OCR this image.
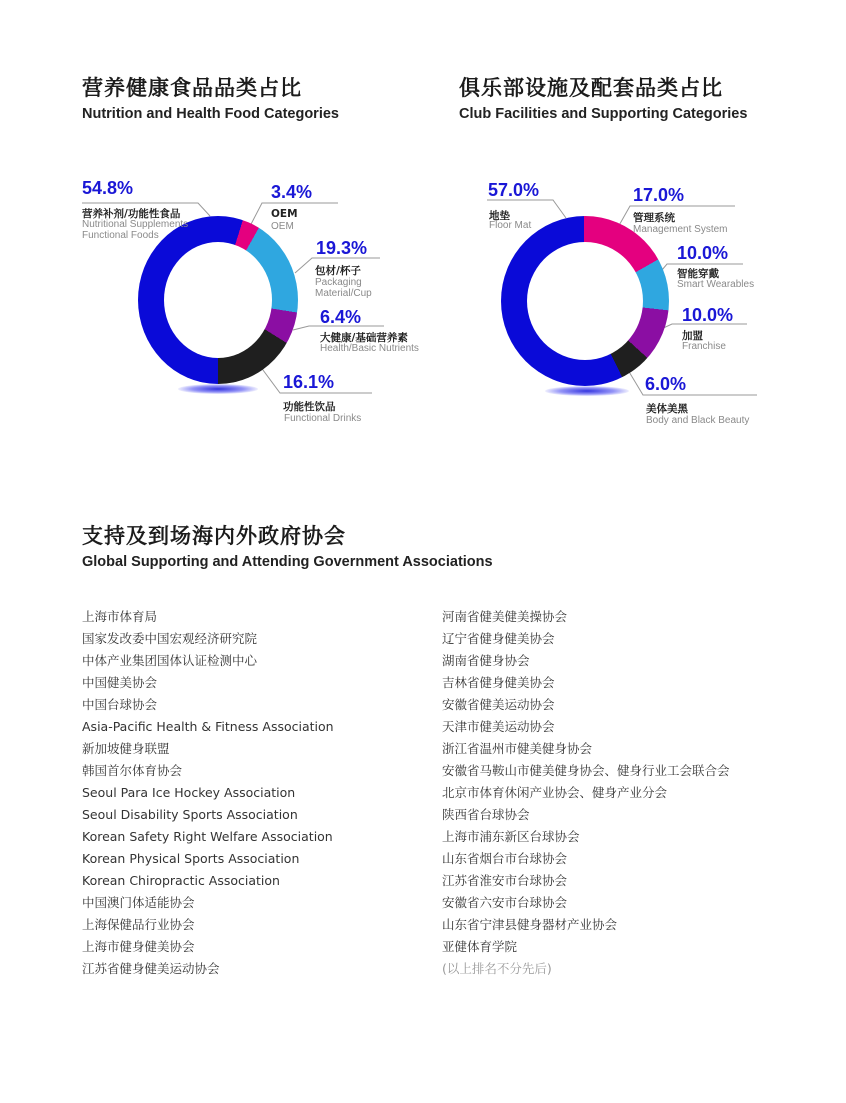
营养健康食品品类占比
Nutrition and Health Food Categories
俱乐部设施及配套品类占比
Club Facilities and Supporting Categories
54.8%
营养补剂/功能性食品
Nutritional Supplements
Functional Foods
3.4%
OEM
OEM
19.3%
包材/杯子
Packaging
Material/Cup
6.4%
大健康/基础营养素
Health/Basic Nutrients
16.1%
功能性饮品
Functional Drinks
57.0%
地垫
Floor Mat
17.0%
管理系统
Management System
10.0%
智能穿戴
Smart Wearables
10.0%
加盟
Franchise
6.0%
美体美黑
Body and Black Beauty
支持及到场海内外政府协会
Global Supporting and Attending Government Associations
上海市体育局
国家发改委中国宏观经济研究院
中体产业集团国体认证检测中心
中国健美协会
中国台球协会
Asia-Pacific Health & Fitness Association
新加坡健身联盟
韩国首尔体育协会
Seoul Para Ice Hockey Association
Seoul Disability Sports Association
Korean Safety Right Welfare Association
Korean Physical Sports Association
Korean Chiropractic Association
中国澳门体适能协会
上海保健品行业协会
上海市健身健美协会
江苏省健身健美运动协会
河南省健美健美操协会
辽宁省健身健美协会
湖南省健身协会
吉林省健身健美协会
安徽省健美运动协会
天津市健美运动协会
浙江省温州市健美健身协会
安徽省马鞍山市健美健身协会、健身行业工会联合会
北京市体育休闲产业协会、健身产业分会
陕西省台球协会
上海市浦东新区台球协会
山东省烟台市台球协会
江苏省淮安市台球协会
安徽省六安市台球协会
山东省宁津县健身器材产业协会
亚健体育学院
(以上排名不分先后)
